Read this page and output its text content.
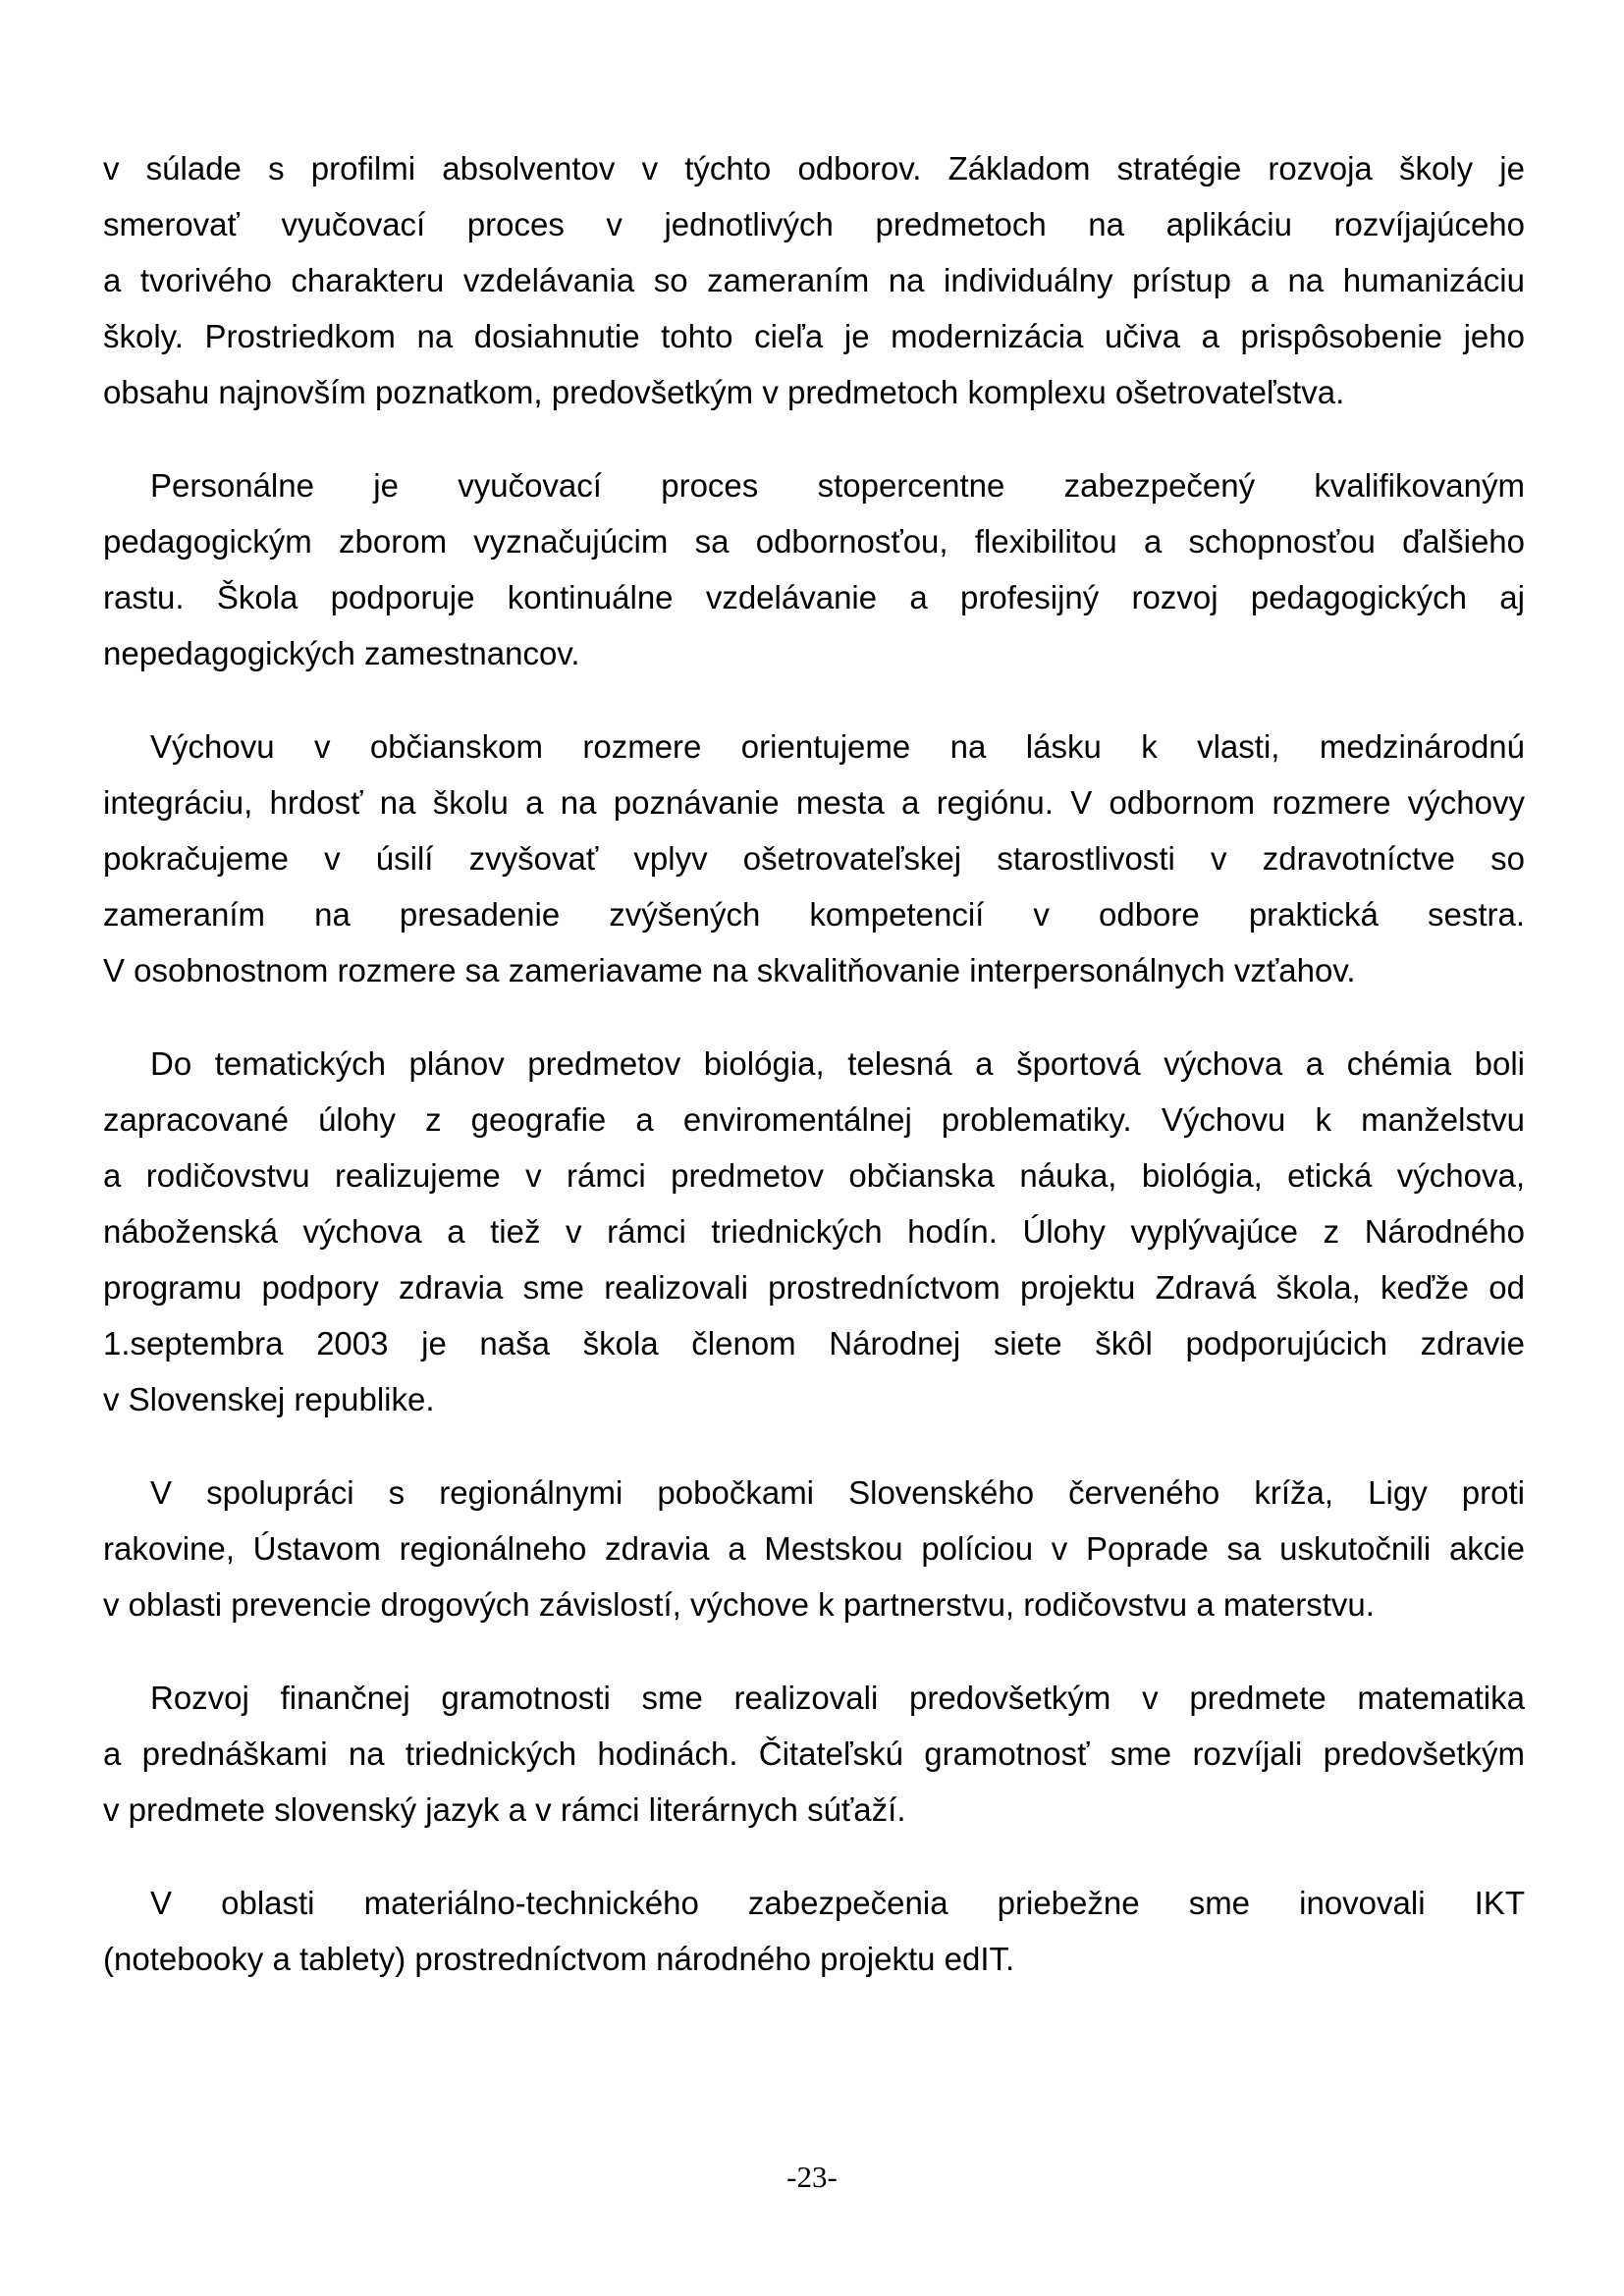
v súlade s profilmi absolventov v týchto odborov. Základom stratégie rozvoja školy je
smerovať vyučovací proces v jednotlivých predmetoch na aplikáciu rozvíjajúceho
a tvorivého charakteru vzdelávania so zameraním na individuálny prístup a na humanizáciu
školy. Prostriedkom na dosiahnutie tohto cieľa je modernizácia učiva a prispôsobenie jeho
obsahu najnovším poznatkom, predovšetkým v predmetoch komplexu ošetrovateľstva.
Personálne je vyučovací proces stopercentne zabezpečený kvalifikovaným
pedagogickým zborom vyznačujúcim sa odbornosťou, flexibilitou a schopnosťou ďalšieho
rastu. Škola podporuje kontinuálne vzdelávanie a profesijný rozvoj pedagogických aj
nepedagogických zamestnancov.
Výchovu v občianskom rozmere orientujeme na lásku k vlasti, medzinárodnú
integráciu, hrdosť na školu a na poznávanie mesta a regiónu. V odbornom rozmere výchovy
pokračujeme v úsilí zvyšovať vplyv ošetrovateľskej starostlivosti v zdravotníctve so
zameraním na presadenie zvýšených kompetencií v odbore praktická sestra.
V osobnostnom rozmere sa zameriavame na skvalitňovanie interpersonálnych vzťahov.
Do tematických plánov predmetov biológia, telesná a športová výchova a chémia boli
zapracované úlohy z geografie a enviromentálnej problematiky. Výchovu k manželstvu
a rodičovstvu realizujeme v rámci predmetov občianska náuka, biológia, etická výchova,
náboženská výchova a tiež v rámci triednických hodín. Úlohy vyplývajúce z Národného
programu podpory zdravia sme realizovali prostredníctvom projektu Zdravá škola, keďže od
1.septembra 2003 je naša škola členom Národnej siete škôl podporujúcich zdravie
v Slovenskej republike.
V spolupráci s regionálnymi pobočkami Slovenského červeného kríža, Ligy proti
rakovine, Ústavom regionálneho zdravia a Mestskou políciou v Poprade sa uskutočnili akcie
v oblasti prevencie drogových závislostí, výchove k partnerstvu, rodičovstvu a materstvu.
Rozvoj finančnej gramotnosti sme realizovali predovšetkým v predmete matematika
a prednáškami na triednických hodinách. Čitateľskú gramotnosť sme rozvíjali predovšetkým
v predmete slovenský jazyk a v rámci literárnych súťaží.
V oblasti materiálno-technického zabezpečenia priebežne sme inovovali IKT
(notebooky a tablety) prostredníctvom národného projektu edIT.
-23-
